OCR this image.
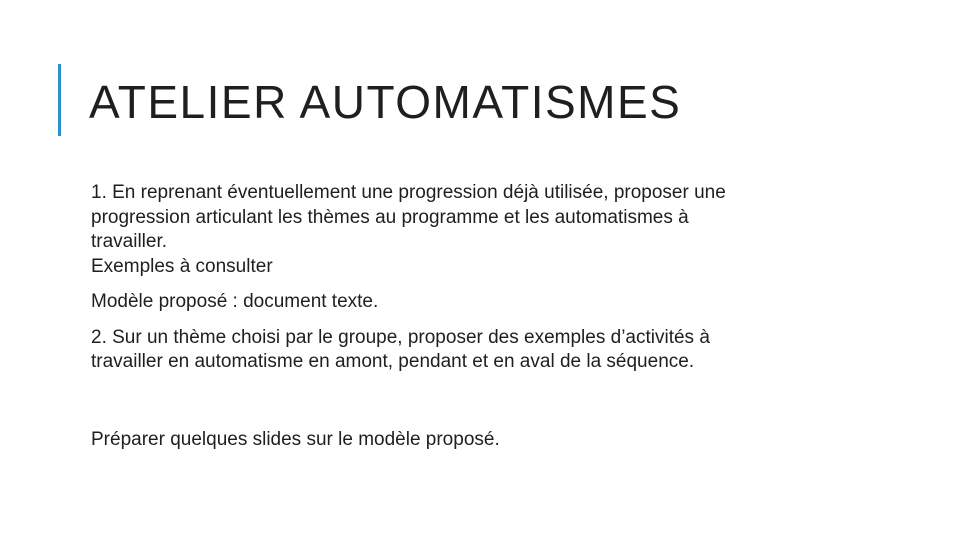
ATELIER AUTOMATISMES

1. En reprenant éventuellement une progression déjà utilisée, proposer une
progression articulant les thèmes au programme et les automatismes à
travailler.
Exemples à consulter

Modèle proposé : document texte.

2. Sur un thème choisi par le groupe, proposer des exemples d’activités à
travailler en automatisme en amont, pendant et en aval de la séquence.

Préparer quelques slides sur le modèle proposé.
